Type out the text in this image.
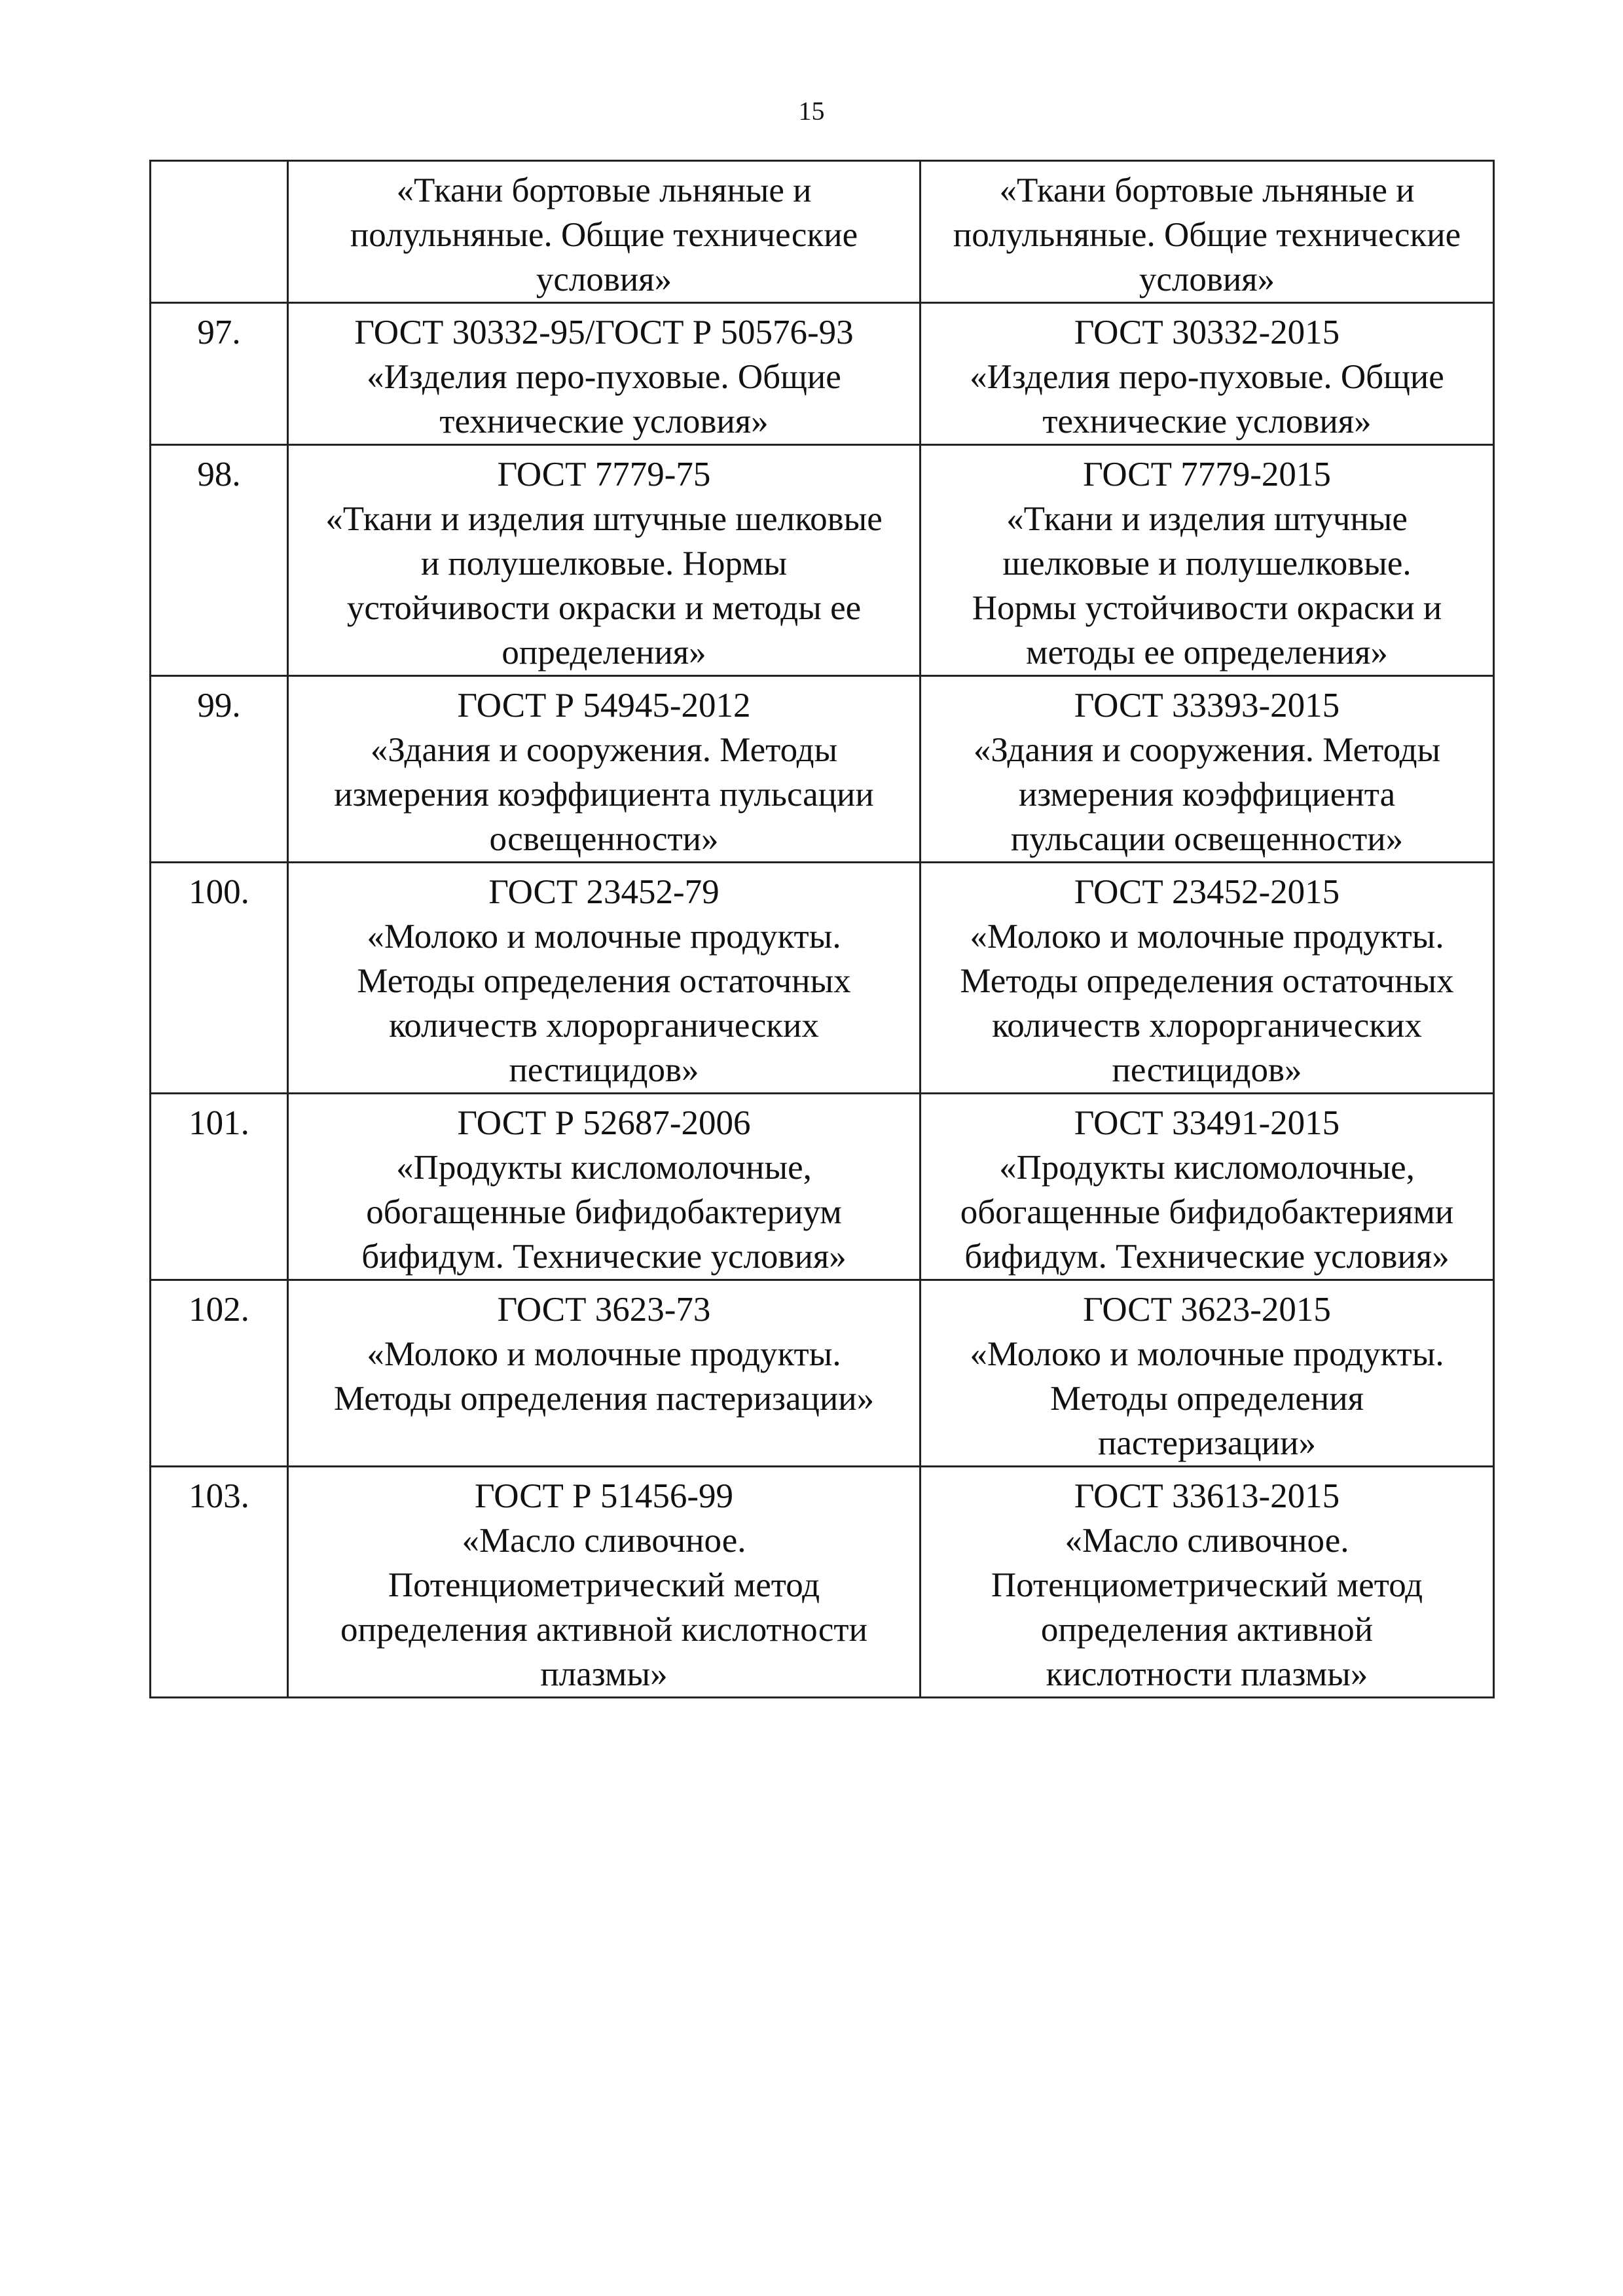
15

	«Ткани бортовые льняные и
полульняные. Общие технические
условия»	«Ткани бортовые льняные и
полульняные. Общие технические
условия»

97.	ГОСТ 30332-95/ГОСТ Р 50576-93
«Изделия перо-пуховые. Общие
технические условия»	ГОСТ 30332-2015
«Изделия перо-пуховые. Общие
технические условия»

98.	ГОСТ 7779-75
«Ткани и изделия штучные шелковые
и полушелковые. Нормы
устойчивости окраски и методы ее
определения»	ГОСТ 7779-2015
«Ткани и изделия штучные
шелковые и полушелковые.
Нормы устойчивости окраски и
методы ее определения»

99.	ГОСТ Р 54945-2012
«Здания и сооружения. Методы
измерения коэффициента пульсации
освещенности»	ГОСТ 33393-2015
«Здания и сооружения. Методы
измерения коэффициента
пульсации освещенности»

100.	ГОСТ 23452-79
«Молоко и молочные продукты.
Методы определения остаточных
количеств хлорорганических
пестицидов»	ГОСТ 23452-2015
«Молоко и молочные продукты.
Методы определения остаточных
количеств хлорорганических
пестицидов»

101.	ГОСТ Р 52687-2006
«Продукты кисломолочные,
обогащенные бифидобактериум
бифидум. Технические условия»	ГОСТ 33491-2015
«Продукты кисломолочные,
обогащенные бифидобактериями
бифидум. Технические условия»

102.	ГОСТ 3623-73
«Молоко и молочные продукты.
Методы определения пастеризации»	ГОСТ 3623-2015
«Молоко и молочные продукты.
Методы определения
пастеризации»

103.	ГОСТ Р 51456-99
«Масло сливочное.
Потенциометрический метод
определения активной кислотности
плазмы»	ГОСТ 33613-2015
«Масло сливочное.
Потенциометрический метод
определения активной
кислотности плазмы»
